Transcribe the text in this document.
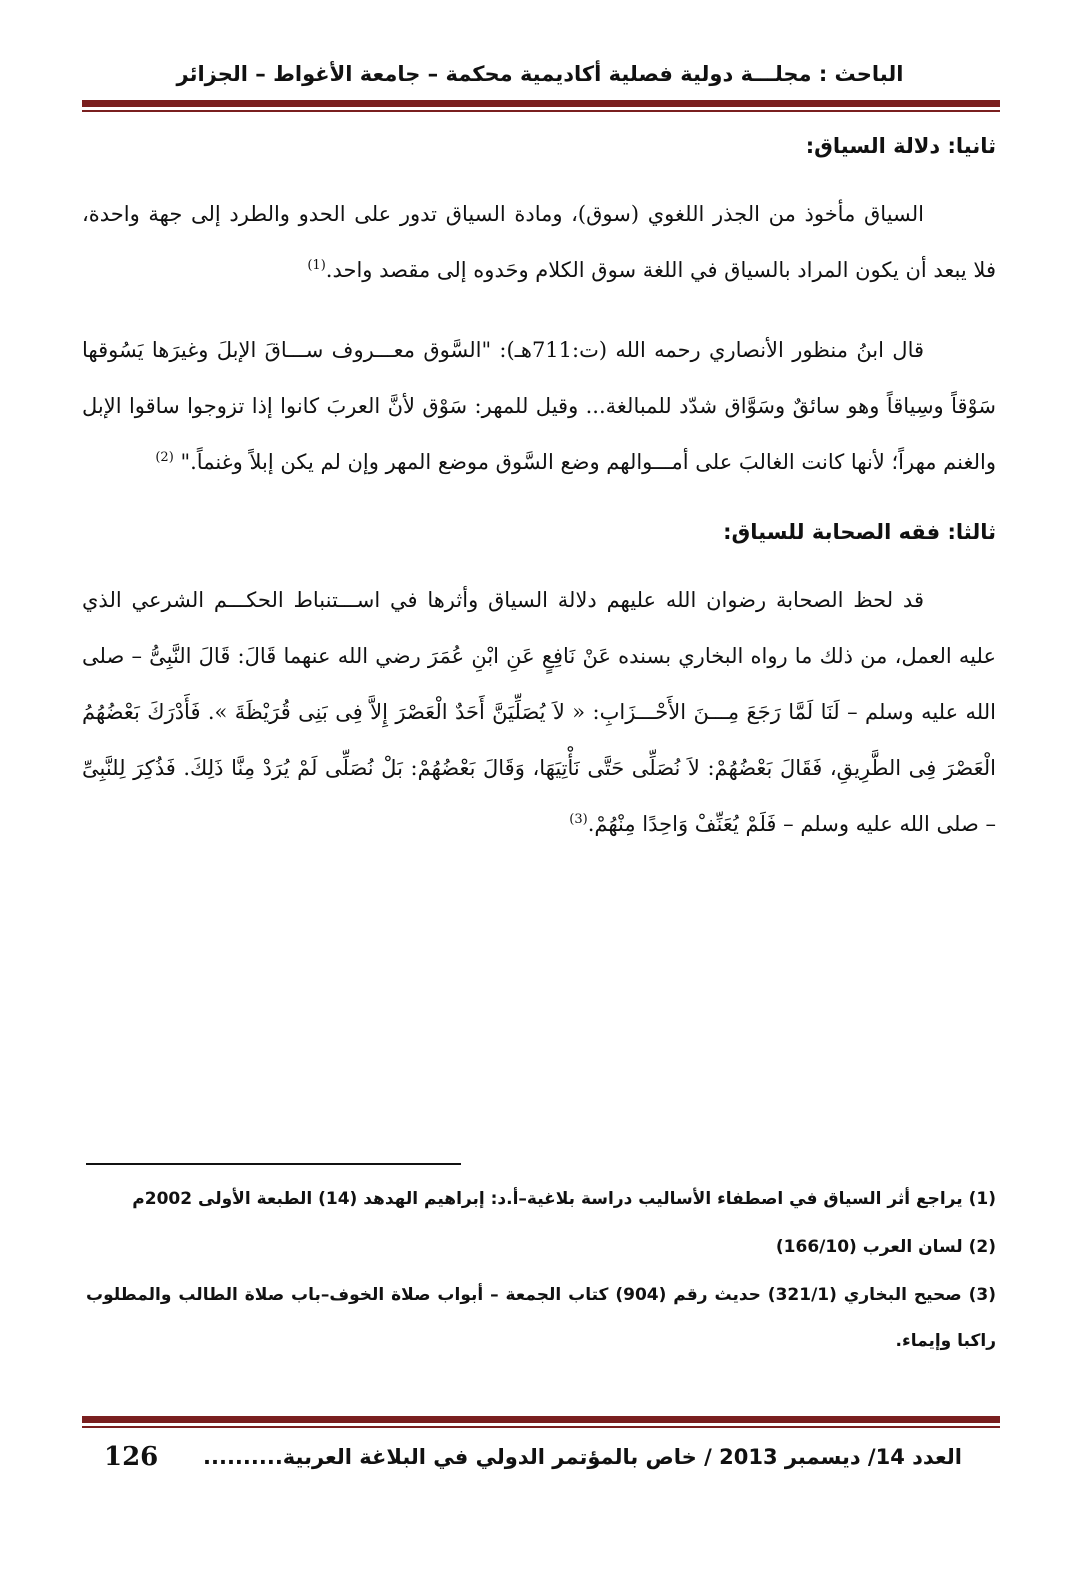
الباحث : مجلـــة دولية فصلية أكاديمية محكمة – جامعة الأغواط – الجزائر
ثانيا: دلالة السياق:

السياق مأخوذ من الجذر اللغوي (سوق)، ومادة السياق تدور على الحدو والطرد إلى جهة واحدة، فلا يبعد أن يكون المراد بالسياق في اللغة سوق الكلام وحَدوه إلى مقصد واحد.$^{(1)}$

قال ابنُ منظور الأنصاري رحمه الله (ت:711هـ): "السَّوق معـــروف ســـاقَ الإبلَ وغيرَها يَسُوقها سَوْقاً وسِياقاً وهو سائقٌ وسَوَّاق شدّد للمبالغة... وقيل للمهر: سَوْق لأنَّ العربَ كانوا إذا تزوجوا ساقوا الإبل والغنم مهراً؛ لأنها كانت الغالبَ على أمـــوالهم وضع السَّوق موضع المهر وإن لم يكن إبلاً وغنماً." $^{(2)}$

ثالثا: فقه الصحابة للسياق:

قد لحظ الصحابة رضوان الله عليهم دلالة السياق وأثرها في اســـتنباط الحكـــم الشرعي الذي عليه العمل، من ذلك ما رواه البخاري بسنده عَنْ نَافِعٍ عَنِ ابْنِ عُمَرَ رضي الله عنهما قَالَ: قَالَ النَّبِىُّ – صلى الله عليه وسلم – لَنَا لَمَّا رَجَعَ مِـــنَ الأَحْـــزَابِ: « لاَ يُصَلِّيَنَّ أَحَدٌ الْعَصْرَ إِلاَّ فِى بَنِى قُرَيْظَةَ ». فَأَدْرَكَ بَعْضُهُمُ الْعَصْرَ فِى الطَّرِيقِ، فَقَالَ بَعْضُهُمْ: لاَ نُصَلِّى حَتَّى نَأْتِيَهَا، وَقَالَ بَعْضُهُمْ: بَلْ نُصَلِّى لَمْ يُرَدْ مِنَّا ذَلِكَ. فَذُكِرَ لِلنَّبِىِّ – صلى الله عليه وسلم – فَلَمْ يُعَنِّفْ وَاحِدًا مِنْهُمْ.$^{(3)}$

(1) يراجع أثر السياق في اصطفاء الأساليب دراسة بلاغية–أ.د: إبراهيم الهدهد (14) الطبعة الأولى 2002م

(2) لسان العرب (166/10)

(3) صحيح البخاري (321/1) حديث رقم (904) كتاب الجمعة – أبواب صلاة الخوف–باب صلاة الطالب والمطلوب راكبا وإيماء.

العدد 14/ ديسمبر 2013 / خاص بالمؤتمر الدولي في البلاغة العربية..........
126
